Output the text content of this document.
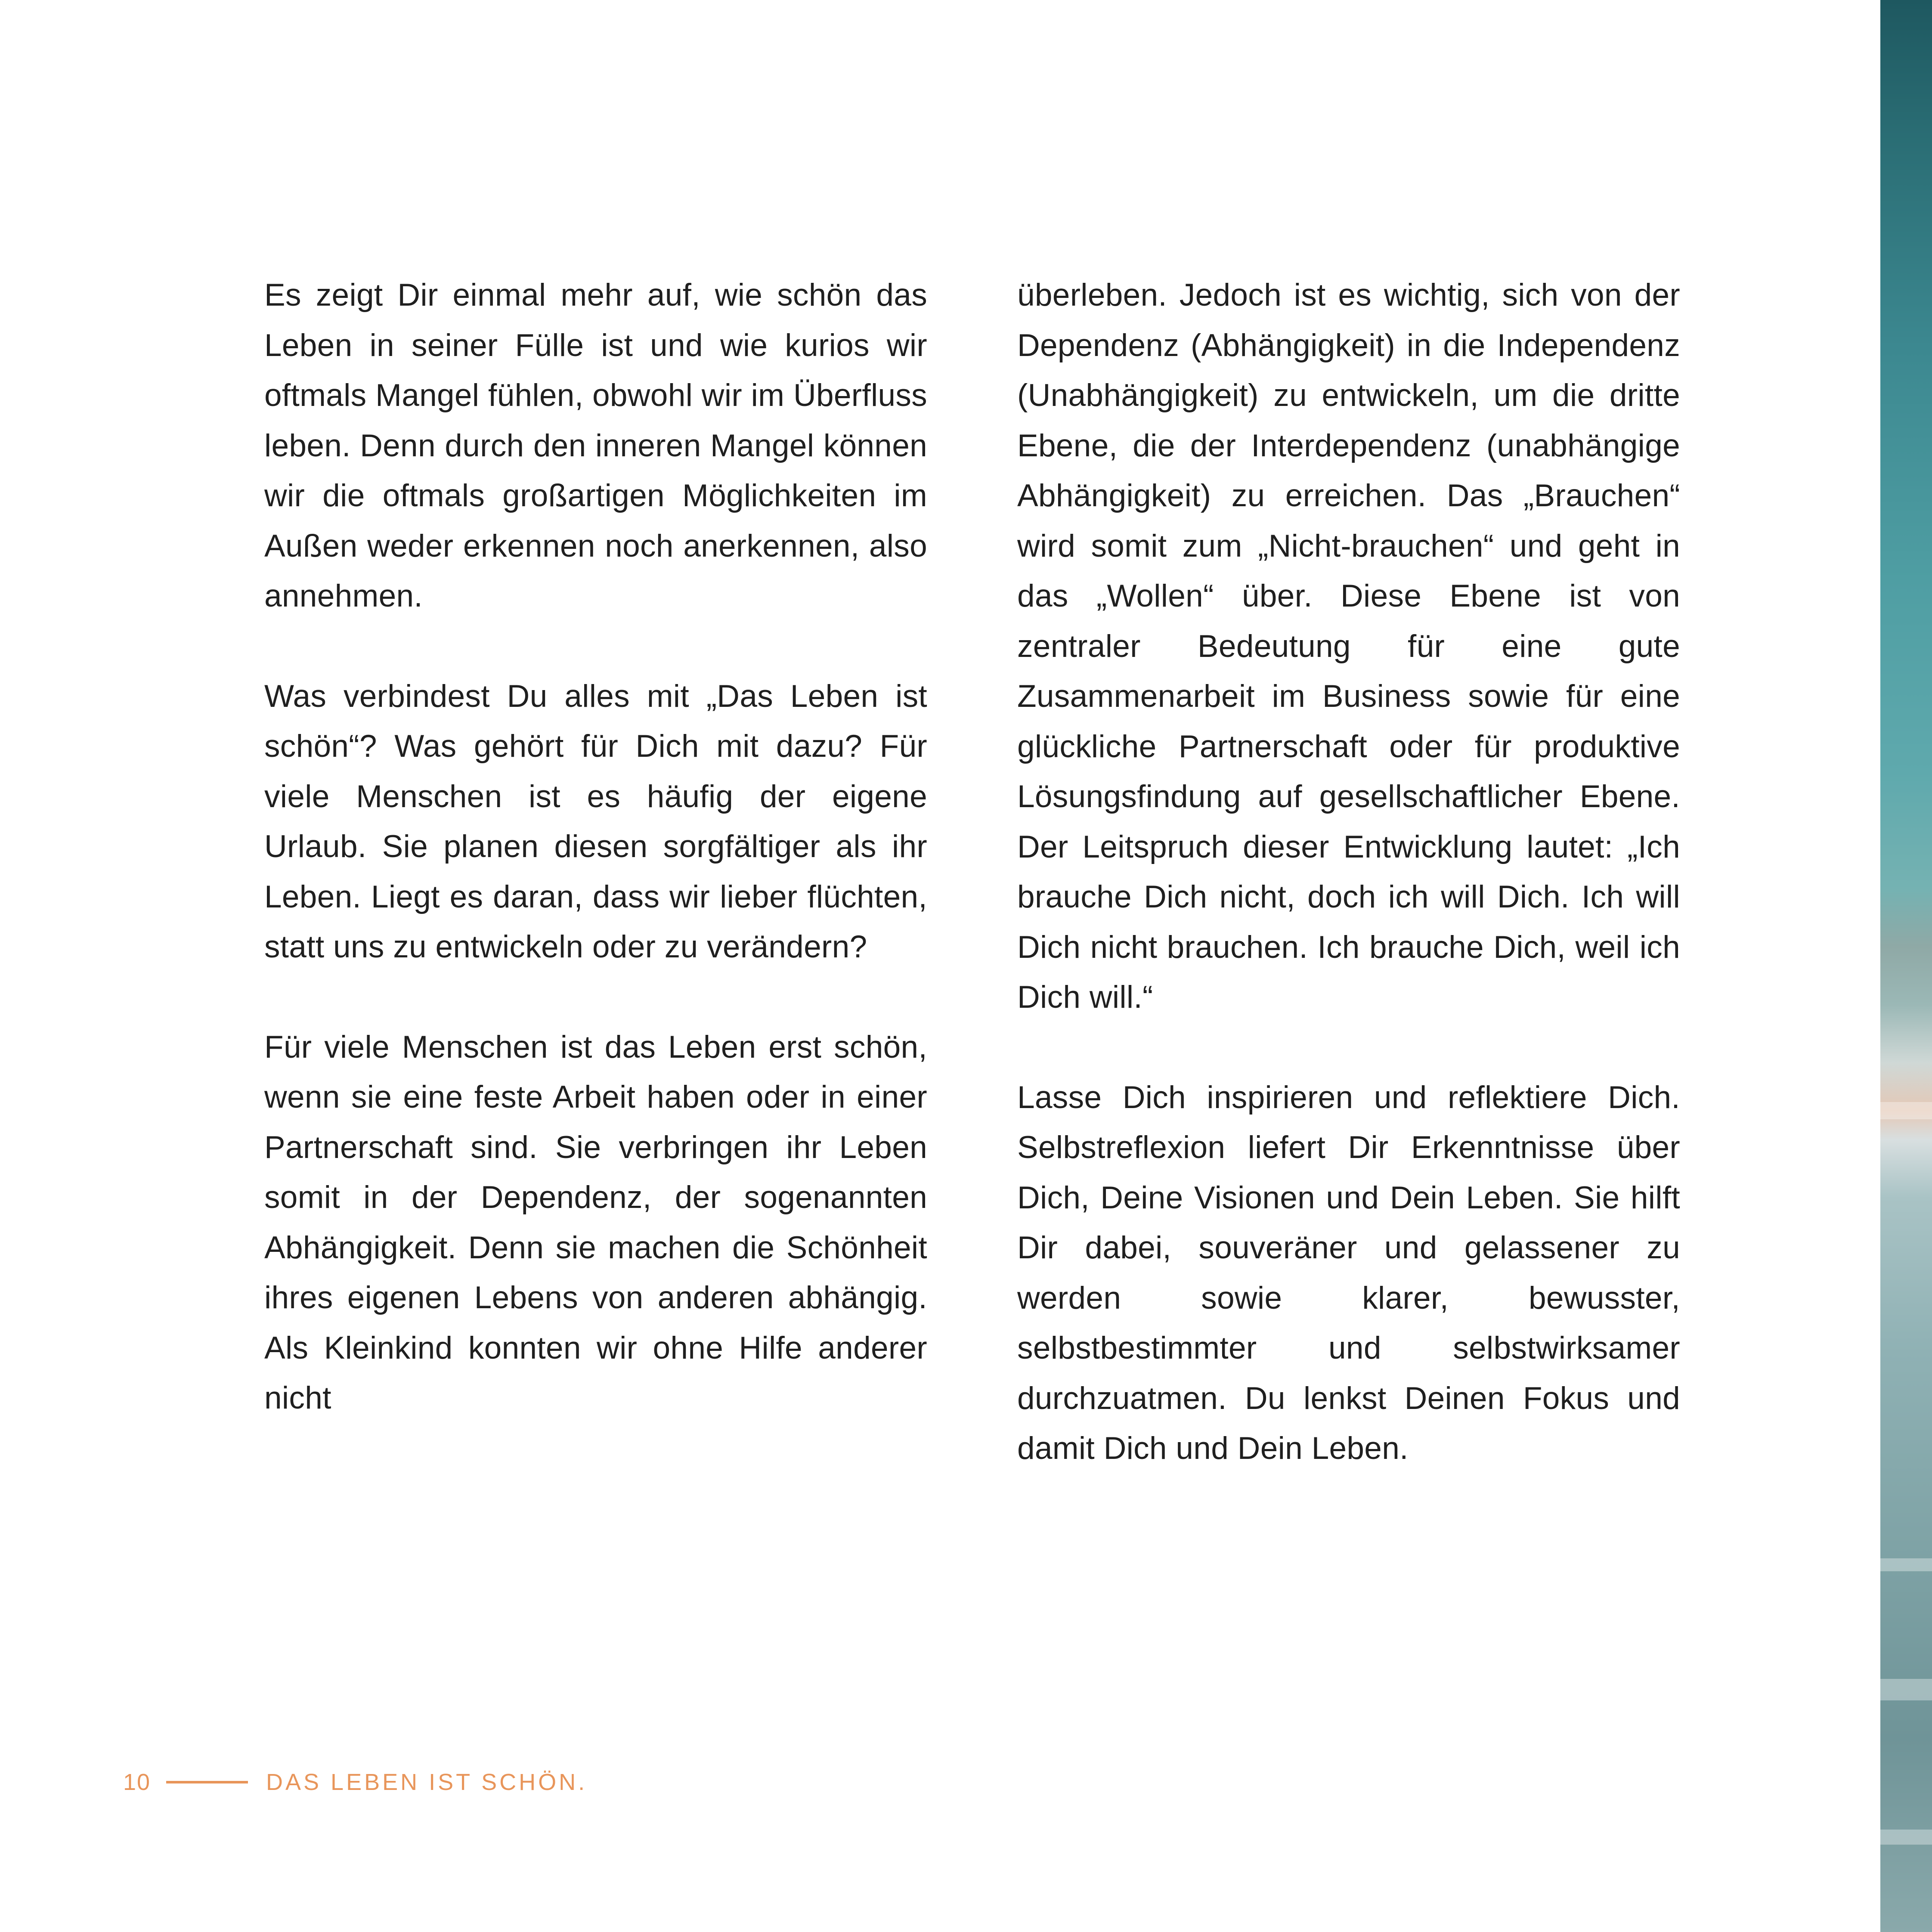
Es zeigt Dir einmal mehr auf, wie schön das Leben in seiner Fülle ist und wie kurios wir oftmals Mangel fühlen, obwohl wir im Überfluss leben. Denn durch den inneren Mangel können wir die oftmals großartigen Möglichkeiten im Außen weder erkennen noch anerkennen, also annehmen.

Was verbindest Du alles mit „Das Leben ist schön“? Was gehört für Dich mit dazu? Für viele Menschen ist es häufig der eigene Urlaub. Sie planen diesen sorgfältiger als ihr Leben. Liegt es daran, dass wir lieber flüchten, statt uns zu entwickeln oder zu verändern?

Für viele Menschen ist das Leben erst schön, wenn sie eine feste Arbeit haben oder in einer Partnerschaft sind. Sie verbringen ihr Leben somit in der Dependenz, der sogenannten Abhängigkeit. Denn sie machen die Schönheit ihres eigenen Lebens von anderen abhängig. Als Kleinkind konnten wir ohne Hilfe anderer nicht

überleben. Jedoch ist es wichtig, sich von der Dependenz (Abhängigkeit) in die Independenz (Unabhängigkeit) zu entwickeln, um die dritte Ebene, die der Interdependenz (unabhängige Abhängigkeit) zu erreichen. Das „Brauchen“ wird somit zum „Nicht-brauchen“ und geht in das „Wollen“ über. Diese Ebene ist von zentraler Bedeutung für eine gute Zusammenarbeit im Business sowie für eine glückliche Partnerschaft oder für produktive Lösungsfindung auf gesellschaftlicher Ebene. Der Leitspruch dieser Entwicklung lautet: „Ich brauche Dich nicht, doch ich will Dich. Ich will Dich nicht brauchen. Ich brauche Dich, weil ich Dich will.“

Lasse Dich inspirieren und reflektiere Dich. Selbstreflexion liefert Dir Erkenntnisse über Dich, Deine Visionen und Dein Leben. Sie hilft Dir dabei, souveräner und gelassener zu werden sowie klarer, bewusster, selbstbestimmter und selbstwirksamer durchzuatmen. Du lenkst Deinen Fokus und damit Dich und Dein Leben.

10	DAS LEBEN IST SCHÖN.
